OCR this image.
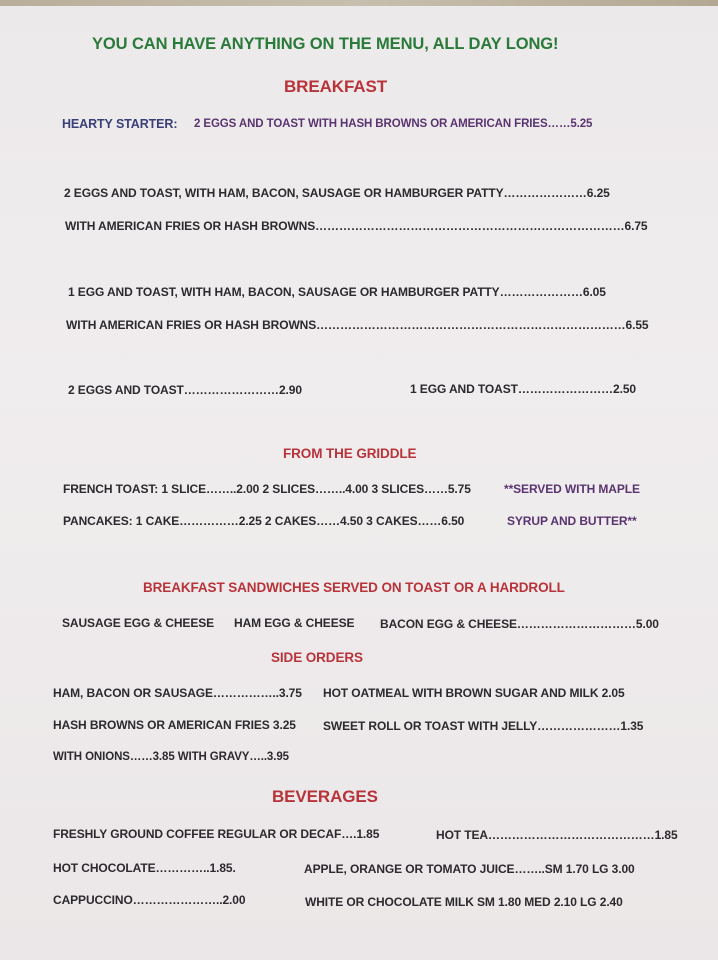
YOU CAN HAVE ANYTHING ON THE MENU, ALL DAY LONG!
BREAKFAST
HEARTY STARTER: 2 EGGS AND TOAST WITH HASH BROWNS OR AMERICAN FRIES……5.25
2 EGGS AND TOAST, WITH HAM, BACON, SAUSAGE OR HAMBURGER PATTY…………………6.25
WITH AMERICAN FRIES OR HASH BROWNS……………………………………………………………………6.75
1 EGG AND TOAST, WITH HAM, BACON, SAUSAGE OR HAMBURGER PATTY…………………6.05
WITH AMERICAN FRIES OR HASH BROWNS……………………………………………………………………6.55
2 EGGS AND TOAST……………………2.90	1 EGG AND TOAST……………………2.50
FROM THE GRIDDLE
FRENCH TOAST: 1 SLICE……..2.00 2 SLICES……..4.00 3 SLICES……5.75	**SERVED WITH MAPLE
PANCAKES: 1 CAKE……………2.25 2 CAKES……4.50 3 CAKES……6.50	SYRUP AND BUTTER**
BREAKFAST SANDWICHES SERVED ON TOAST OR A HARDROLL
SAUSAGE EGG & CHEESE HAM EGG & CHEESE BACON EGG & CHEESE…………………………5.00
SIDE ORDERS
HAM, BACON OR SAUSAGE……………..3.75 HOT OATMEAL WITH BROWN SUGAR AND MILK 2.05
HASH BROWNS OR AMERICAN FRIES 3.25 SWEET ROLL OR TOAST WITH JELLY…………………1.35
WITH ONIONS……3.85 WITH GRAVY…..3.95
BEVERAGES
FRESHLY GROUND COFFEE REGULAR OR DECAF….1.85	HOT TEA……………………………………1.85
HOT CHOCOLATE…………..1.85.	APPLE, ORANGE OR TOMATO JUICE……..SM 1.70 LG 3.00
CAPPUCCINO…………………..2.00	WHITE OR CHOCOLATE MILK SM 1.80 MED 2.10 LG 2.40
